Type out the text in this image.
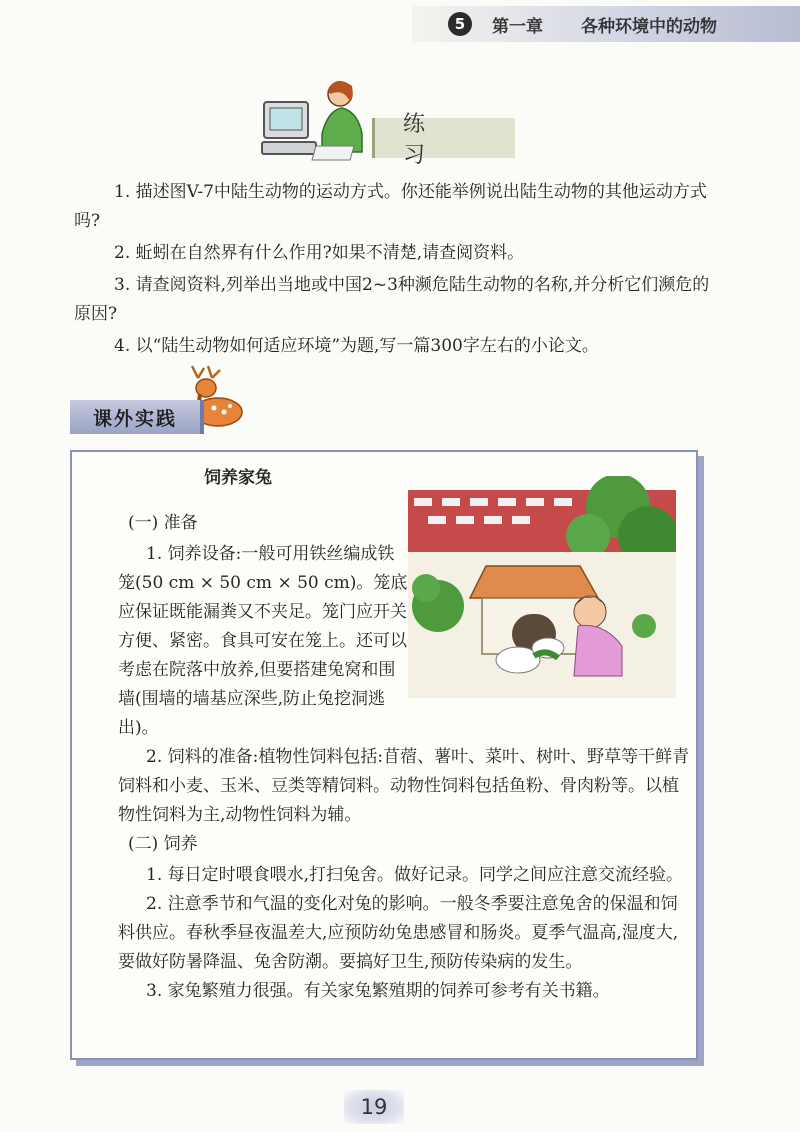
5	第一章 各种环境中的动物
练 习

1. 描述图V-7中陆生动物的运动方式。你还能举例说出陆生动物的其他运动方式吗?

2. 蚯蚓在自然界有什么作用?如果不清楚,请查阅资料。

3. 请查阅资料,列举出当地或中国2~3种濒危陆生动物的名称,并分析它们濒危的原因?

4. 以“陆生动物如何适应环境”为题,写一篇300字左右的小论文。

课外实践
饲养家兔
(一) 准备

1. 饲养设备:一般可用铁丝编成铁笼(50 cm × 50 cm × 50 cm)。笼底应保证既能漏粪又不夹足。笼门应开关方便、紧密。食具可安在笼上。还可以考虑在院落中放养,但要搭建兔窝和围墙(围墙的墙基应深些,防止兔挖洞逃出)。

2. 饲料的准备:植物性饲料包括:苜蓿、薯叶、菜叶、树叶、野草等干鲜青饲料和小麦、玉米、豆类等精饲料。动物性饲料包括鱼粉、骨肉粉等。以植物性饲料为主,动物性饲料为辅。

(二) 饲养

1. 每日定时喂食喂水,打扫兔舍。做好记录。同学之间应注意交流经验。

2. 注意季节和气温的变化对兔的影响。一般冬季要注意兔舍的保温和饲料供应。春秋季昼夜温差大,应预防幼兔患感冒和肠炎。夏季气温高,湿度大,要做好防暑降温、兔舍防潮。要搞好卫生,预防传染病的发生。

3. 家兔繁殖力很强。有关家兔繁殖期的饲养可参考有关书籍。

19
